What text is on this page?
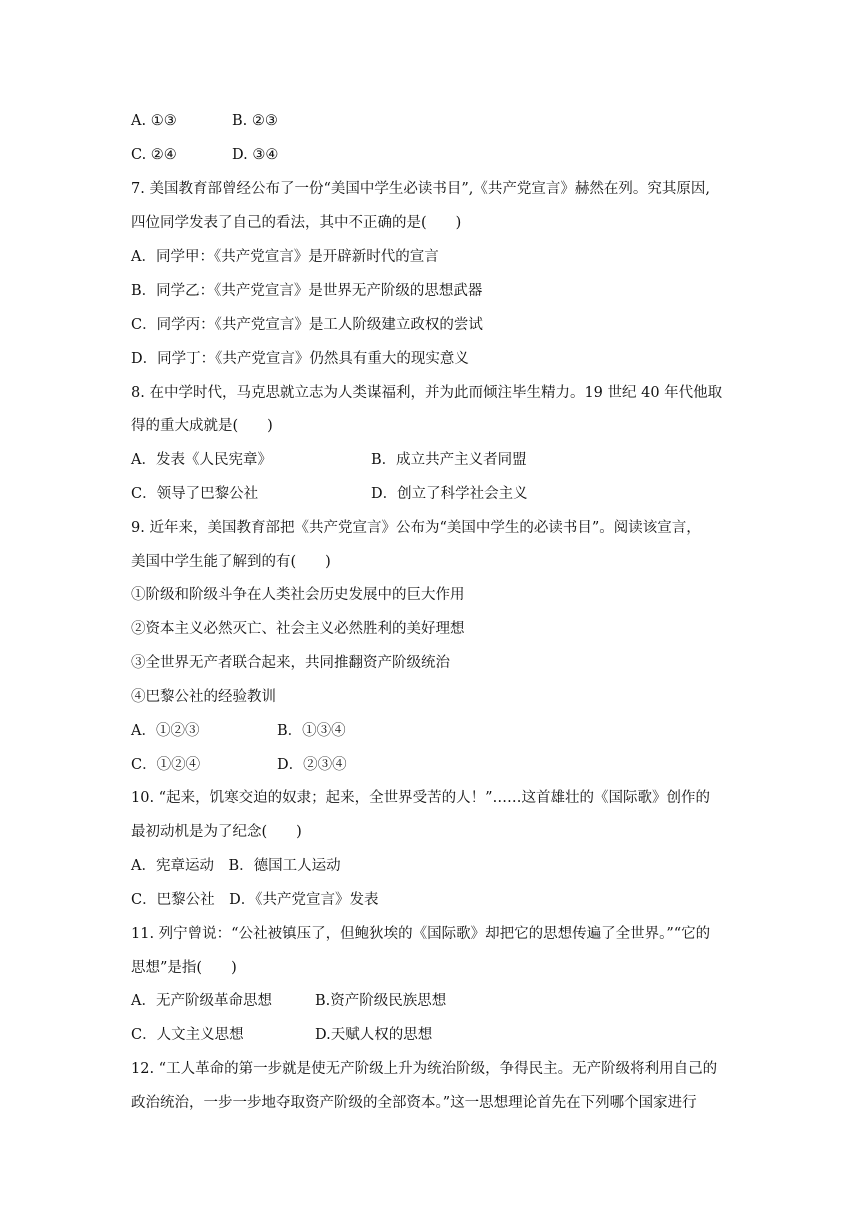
A. ①③	B. ②③
C. ②④	D. ③④
7. 美国教育部曾经公布了一份“美国中学生必读书目”,《共产党宣言》赫然在列。究其原因,
四位同学发表了自己的看法，其中不正确的是(　　)
A．同学甲：《共产党宣言》是开辟新时代的宣言
B．同学乙：《共产党宣言》是世界无产阶级的思想武器
C．同学丙：《共产党宣言》是工人阶级建立政权的尝试
D．同学丁：《共产党宣言》仍然具有重大的现实意义
8. 在中学时代，马克思就立志为人类谋福利，并为此而倾注毕生精力。19 世纪 40 年代他取
得的重大成就是(　　)
A．发表《人民宪章》	B．成立共产主义者同盟
C．领导了巴黎公社	D．创立了科学社会主义
9. 近年来，美国教育部把《共产党宣言》公布为“美国中学生的必读书目”。阅读该宣言，
美国中学生能了解到的有(　　)
①阶级和阶级斗争在人类社会历史发展中的巨大作用
②资本主义必然灭亡、社会主义必然胜利的美好理想
③全世界无产者联合起来，共同推翻资产阶级统治
④巴黎公社的经验教训
A．①②③	B．①③④
C．①②④	D．②③④
10. “起来，饥寒交迫的奴隶；起来，全世界受苦的人！”……这首雄壮的《国际歌》创作的
最初动机是为了纪念(　　)
A．宪章运动　B．德国工人运动
C．巴黎公社　D．《共产党宣言》发表
11. 列宁曾说：“公社被镇压了，但鲍狄埃的《国际歌》却把它的思想传遍了全世界。”“它的
思想”是指(　　)
A．无产阶级革命思想	B.资产阶级民族思想
C．人文主义思想	D.天赋人权的思想
12. “工人革命的第一步就是使无产阶级上升为统治阶级，争得民主。无产阶级将利用自己的
政治统治，一步一步地夺取资产阶级的全部资本。”这一思想理论首先在下列哪个国家进行
